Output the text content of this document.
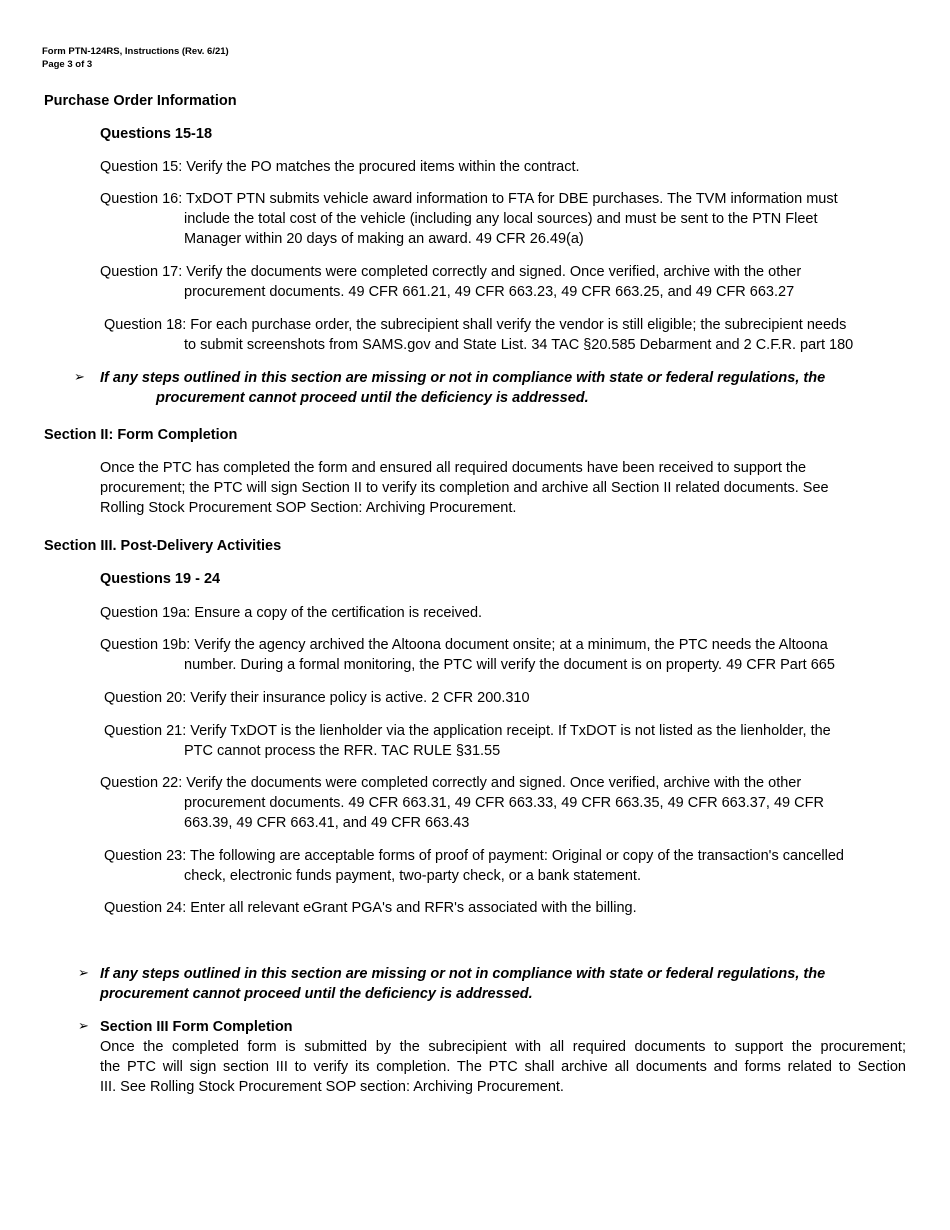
Form PTN-124RS, Instructions (Rev. 6/21)
Page 3 of 3
Purchase Order Information
Questions 15-18
Question 15: Verify the PO matches the procured items within the contract.
Question 16: TxDOT PTN submits vehicle award information to FTA for DBE purchases. The TVM information must
include the total cost of the vehicle (including any local sources) and must be sent to the PTN Fleet
Manager within 20 days of making an award. 49 CFR 26.49(a)
Question 17: Verify the documents were completed correctly and signed. Once verified, archive with the other
procurement documents. 49 CFR 661.21, 49 CFR 663.23, 49 CFR 663.25, and 49 CFR 663.27
Question 18: For each purchase order, the subrecipient shall verify the vendor is still eligible; the subrecipient needs
to submit screenshots from SAMS.gov and State List. 34 TAC §20.585 Debarment and 2 C.F.R. part 180
➢ If any steps outlined in this section are missing or not in compliance with state or federal regulations, the
procurement cannot proceed until the deficiency is addressed.
Section II: Form Completion
Once the PTC has completed the form and ensured all required documents have been received to support the
procurement; the PTC will sign Section II to verify its completion and archive all Section II related documents. See
Rolling Stock Procurement SOP Section: Archiving Procurement.
Section III. Post-Delivery Activities
Questions 19 - 24
Question 19a: Ensure a copy of the certification is received.
Question 19b: Verify the agency archived the Altoona document onsite; at a minimum, the PTC needs the Altoona
number. During a formal monitoring, the PTC will verify the document is on property. 49 CFR Part 665
Question 20: Verify their insurance policy is active. 2 CFR 200.310
Question 21: Verify TxDOT is the lienholder via the application receipt. If TxDOT is not listed as the lienholder, the
PTC cannot process the RFR. TAC RULE §31.55
Question 22: Verify the documents were completed correctly and signed. Once verified, archive with the other
procurement documents. 49 CFR 663.31, 49 CFR 663.33, 49 CFR 663.35, 49 CFR 663.37, 49 CFR
663.39, 49 CFR 663.41, and 49 CFR 663.43
Question 23: The following are acceptable forms of proof of payment: Original or copy of the transaction's cancelled
check, electronic funds payment, two-party check, or a bank statement.
Question 24: Enter all relevant eGrant PGA's and RFR's associated with the billing.
➢ If any steps outlined in this section are missing or not in compliance with state or federal regulations, the
procurement cannot proceed until the deficiency is addressed.
➢ Section III Form Completion
Once the completed form is submitted by the subrecipient with all required documents to support the procurement;
the PTC will sign section III to verify its completion. The PTC shall archive all documents and forms related to Section
III. See Rolling Stock Procurement SOP section: Archiving Procurement.
